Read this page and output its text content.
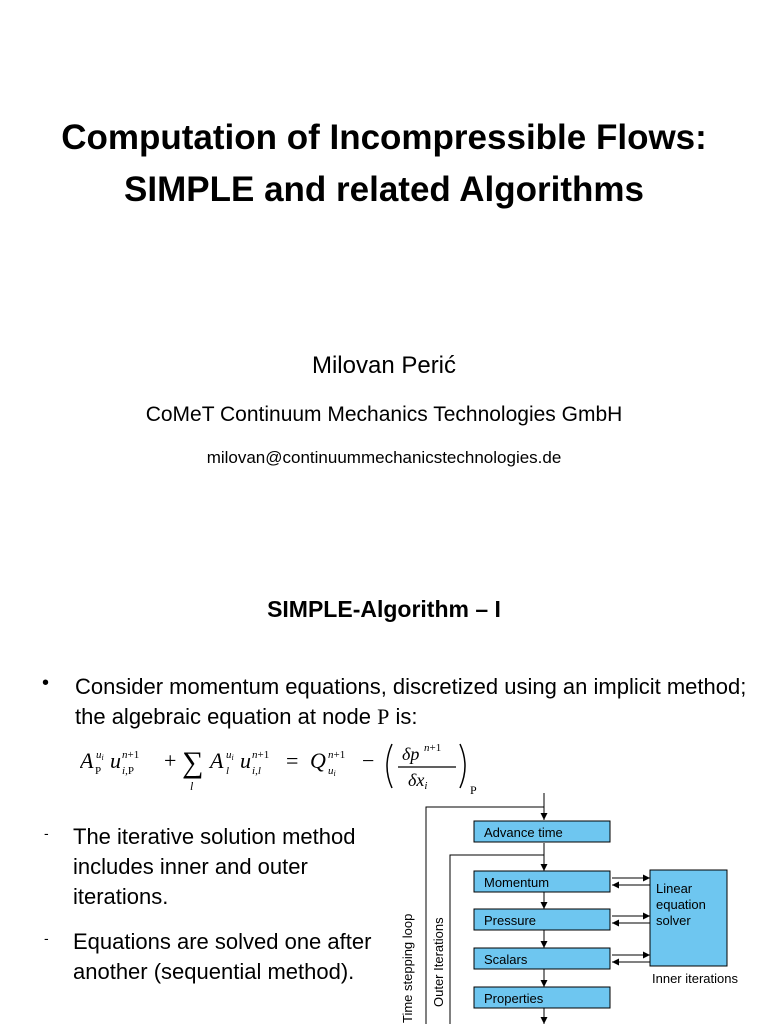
Computation of Incompressible Flows:
SIMPLE and related Algorithms
Milovan Perić
CoMeT Continuum Mechanics Technologies GmbH
milovan@continuummechanicstechnologies.de
SIMPLE-Algorithm – I
• Consider momentum equations, discretized using an implicit method; the algebraic equation at node P is:
A ui
P u n+1
i,P + ∑
l
A ui
l u n+1
i,l = Q n+1
ui
− δp n+1
δxi	P
- The iterative solution method includes inner and outer iterations.
- Equations are solved one after another (sequential method).
Advance time
Momentum
Pressure
Scalars
Properties
Linear
equation
solver
Inner iterations
Outer Iterations
Time stepping loop
